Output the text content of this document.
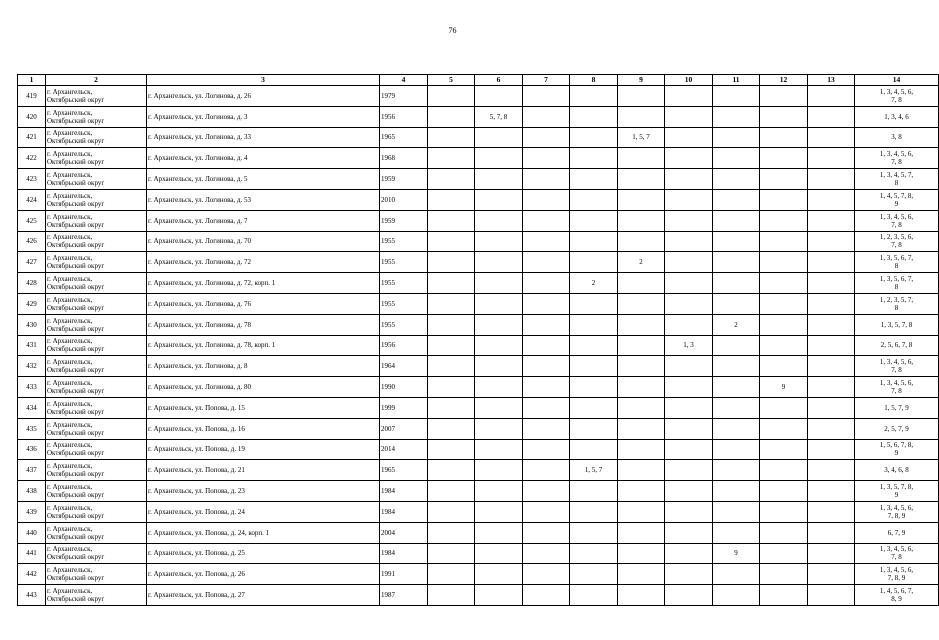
76
1	2	3	4	5	6	7	8	9	10	11	12	13	14
419	г. Архангельск,
Октябрьский округ	г. Архангельск, ул. Логинова, д. 26	1979										1, 3, 4, 5, 6,
7, 8
420	г. Архангельск,
Октябрьский округ	г. Архангельск, ул. Логинова, д. 3	1956		5, 7, 8								1, 3, 4, 6
421	г. Архангельск,
Октябрьский округ	г. Архангельск, ул. Логинова, д. 33	1965					1, 5, 7					3, 8
422	г. Архангельск,
Октябрьский округ	г. Архангельск, ул. Логинова, д. 4	1968										1, 3, 4, 5, 6,
7, 8
423	г. Архангельск,
Октябрьский округ	г. Архангельск, ул. Логинова, д. 5	1959										1, 3, 4, 5, 7,
8
424	г. Архангельск,
Октябрьский округ	г. Архангельск, ул. Логинова, д. 53	2010										1, 4, 5, 7, 8,
9
425	г. Архангельск,
Октябрьский округ	г. Архангельск, ул. Логинова, д. 7	1959										1, 3, 4, 5, 6,
7, 8
426	г. Архангельск,
Октябрьский округ	г. Архангельск, ул. Логинова, д. 70	1955										1, 2, 3, 5, 6,
7, 8
427	г. Архангельск,
Октябрьский округ	г. Архангельск, ул. Логинова, д. 72	1955					2					1, 3, 5, 6, 7,
8
428	г. Архангельск,
Октябрьский округ	г. Архангельск, ул. Логинова, д. 72, корп. 1	1955				2						1, 3, 5, 6, 7,
8
429	г. Архангельск,
Октябрьский округ	г. Архангельск, ул. Логинова, д. 76	1955										1, 2, 3, 5, 7,
8
430	г. Архангельск,
Октябрьский округ	г. Архангельск, ул. Логинова, д. 78	1955							2			1, 3, 5, 7, 8
431	г. Архангельск,
Октябрьский округ	г. Архангельск, ул. Логинова, д. 78, корп. 1	1956						1, 3				2, 5, 6, 7, 8
432	г. Архангельск,
Октябрьский округ	г. Архангельск, ул. Логинова, д. 8	1964										1, 3, 4, 5, 6,
7, 8
433	г. Архангельск,
Октябрьский округ	г. Архангельск, ул. Логинова, д. 80	1990								9		1, 3, 4, 5, 6,
7, 8
434	г. Архангельск,
Октябрьский округ	г. Архангельск, ул. Попова, д. 15	1999										1, 5, 7, 9
435	г. Архангельск,
Октябрьский округ	г. Архангельск, ул. Попова, д. 16	2007										2, 5, 7, 9
436	г. Архангельск,
Октябрьский округ	г. Архангельск, ул. Попова, д. 19	2014										1, 5, 6, 7, 8,
9
437	г. Архангельск,
Октябрьский округ	г. Архангельск, ул. Попова, д. 21	1965				1, 5, 7						3, 4, 6, 8
438	г. Архангельск,
Октябрьский округ	г. Архангельск, ул. Попова, д. 23	1984										1, 3, 5, 7, 8,
9
439	г. Архангельск,
Октябрьский округ	г. Архангельск, ул. Попова, д. 24	1984										1, 3, 4, 5, 6,
7, 8, 9
440	г. Архангельск,
Октябрьский округ	г. Архангельск, ул. Попова, д. 24, корп. 1	2004										6, 7, 9
441	г. Архангельск,
Октябрьский округ	г. Архангельск, ул. Попова, д. 25	1984							9			1, 3, 4, 5, 6,
7, 8
442	г. Архангельск,
Октябрьский округ	г. Архангельск, ул. Попова, д. 26	1991										1, 3, 4, 5, 6,
7, 8, 9
443	г. Архангельск,
Октябрьский округ	г. Архангельск, ул. Попова, д. 27	1987										1, 4, 5, 6, 7,
8, 9
